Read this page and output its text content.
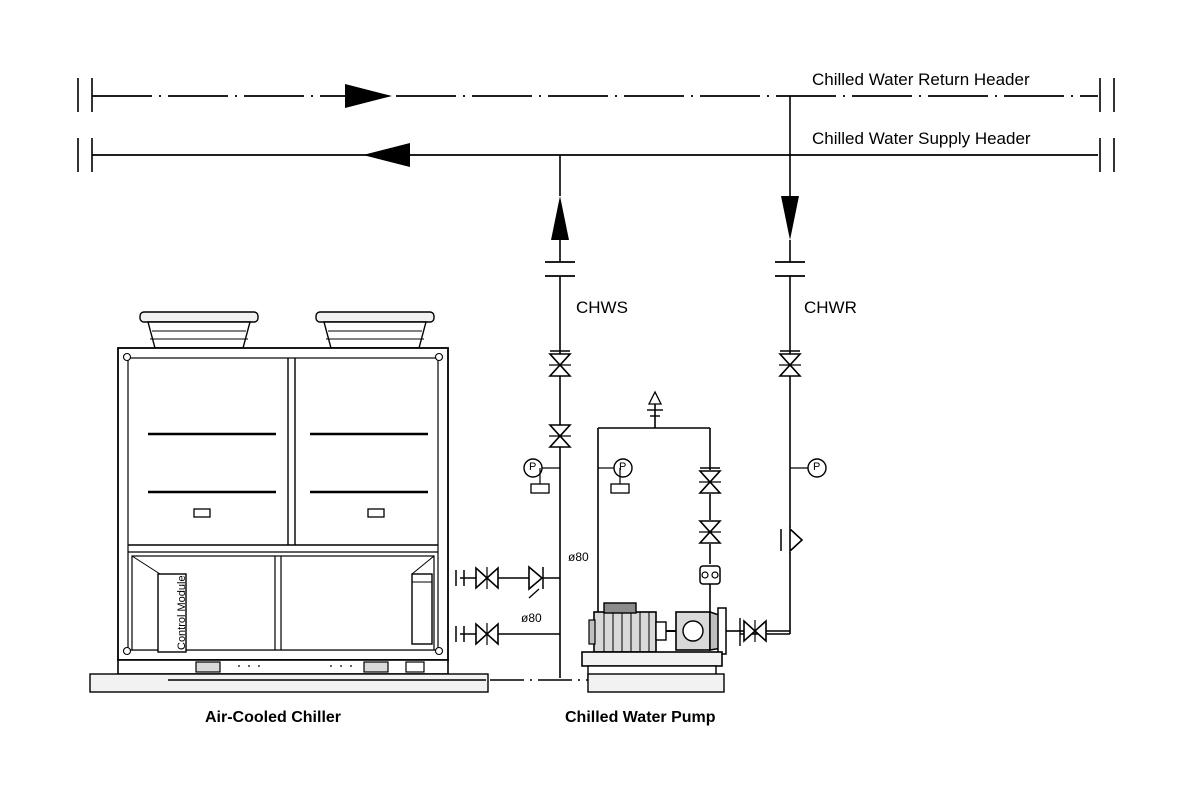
Chilled Water Return Header
Chilled Water Supply Header
CHWS	CHWR
ø80
ø80
Air-Cooled Chiller	Chilled Water Pump
Control Module
P	P	P
